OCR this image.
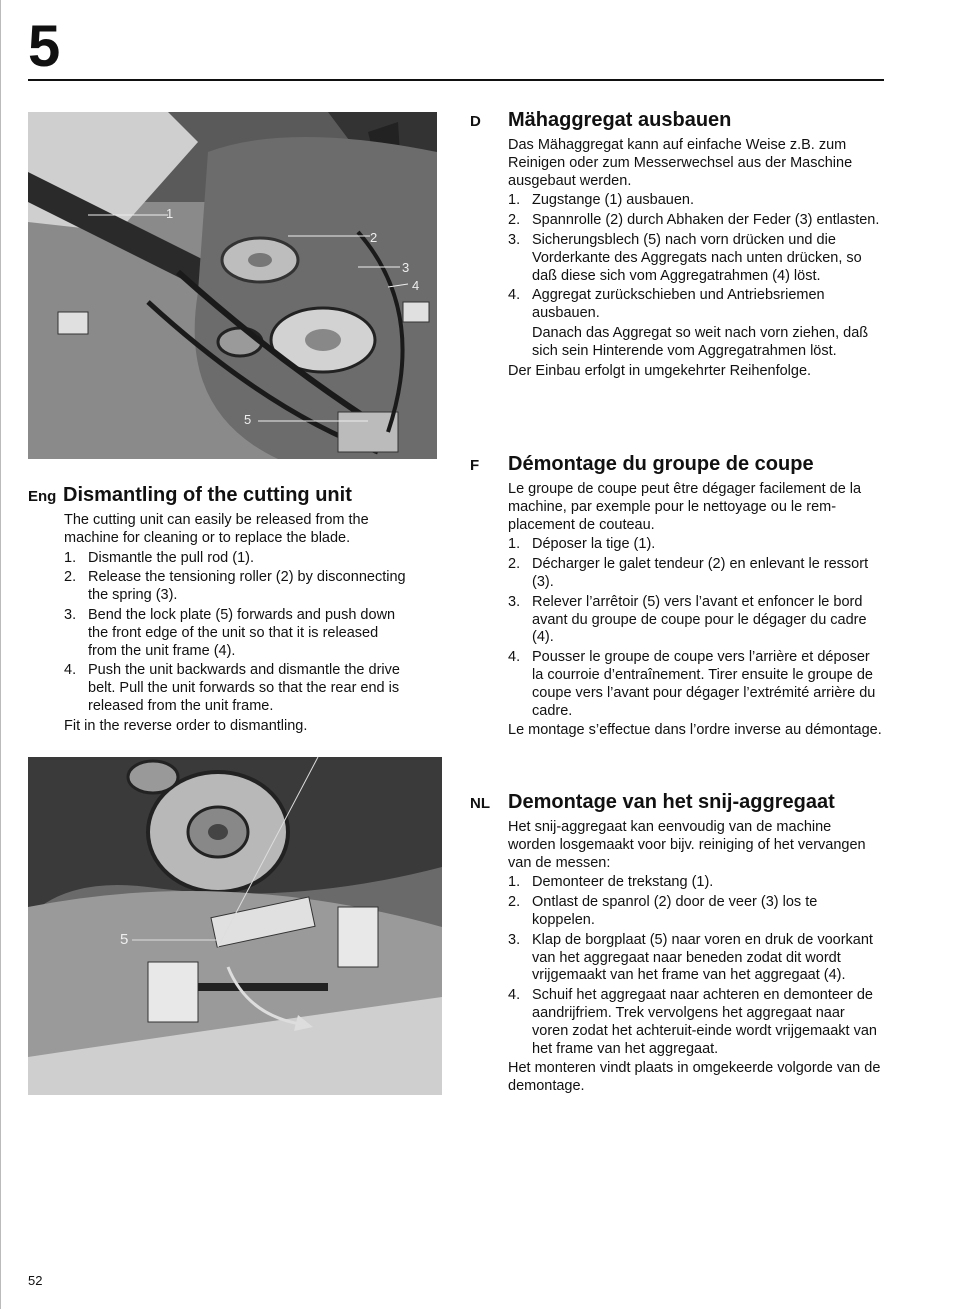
5
1
2
3
4
5
5
Eng Dismantling of the cutting unit

The cutting unit can easily be released from the machine for cleaning or to replace the blade.

1. Dismantle the pull rod (1).
2. Release the tensioning roller (2) by disconnecting the spring (3).
3. Bend the lock plate (5) forwards and push down the front edge of the unit so that it is released from the unit frame (4).
4. Push the unit backwards and dismantle the drive belt. Pull the unit forwards so that the rear end is released from the unit frame.

Fit in the reverse order to dismantling.

D Mähaggregat ausbauen

Das Mähaggregat kann auf einfache Weise z.B. zum Reinigen oder zum Messerwechsel aus der Maschine ausgebaut werden.

1. Zugstange (1) ausbauen.
2. Spannrolle (2) durch Abhaken der Feder (3) entlasten.
3. Sicherungsblech (5) nach vorn drücken und die Vorderkante des Aggregats nach unten drücken, so daß diese sich vom Aggregatrahmen (4) löst.
4. Aggregat zurückschieben und Antriebsriemen ausbauen.

Danach das Aggregat so weit nach vorn ziehen, daß sich sein Hinterende vom Aggregatrahmen löst.

Der Einbau erfolgt in umgekehrter Reihenfolge.

F Démontage du groupe de coupe

Le groupe de coupe peut être dégager facilement de la machine, par exemple pour le nettoyage ou le rem-placement de couteau.

1. Déposer la tige (1).
2. Décharger le galet tendeur (2) en enlevant le ressort (3).
3. Relever l’arrêtoir (5) vers l’avant et enfoncer le bord avant du groupe de coupe pour le dégager du cadre (4).
4. Pousser le groupe de coupe vers l’arrière et déposer la courroie d’entraînement. Tirer ensuite le groupe de coupe vers l’avant pour dégager l’extrémité arrière du cadre.

Le montage s’effectue dans l’ordre inverse au démontage.

NL Demontage van het snij-aggregaat

Het snij-aggregaat kan eenvoudig van de machine worden losgemaakt voor bijv. reiniging of het vervangen van de messen:

1. Demonteer de trekstang (1).
2. Ontlast de spanrol (2) door de veer (3) los te koppelen.
3. Klap de borgplaat (5) naar voren en druk de voorkant van het aggregaat naar beneden zodat dit wordt vrijgemaakt van het frame van het aggregaat (4).
4. Schuif het aggregaat naar achteren en demonteer de aandrijfriem. Trek vervolgens het aggregaat naar voren zodat het achteruit-einde wordt vrijgemaakt van het frame van het aggregaat.

Het monteren vindt plaats in omgekeerde volgorde van de demontage.

52
